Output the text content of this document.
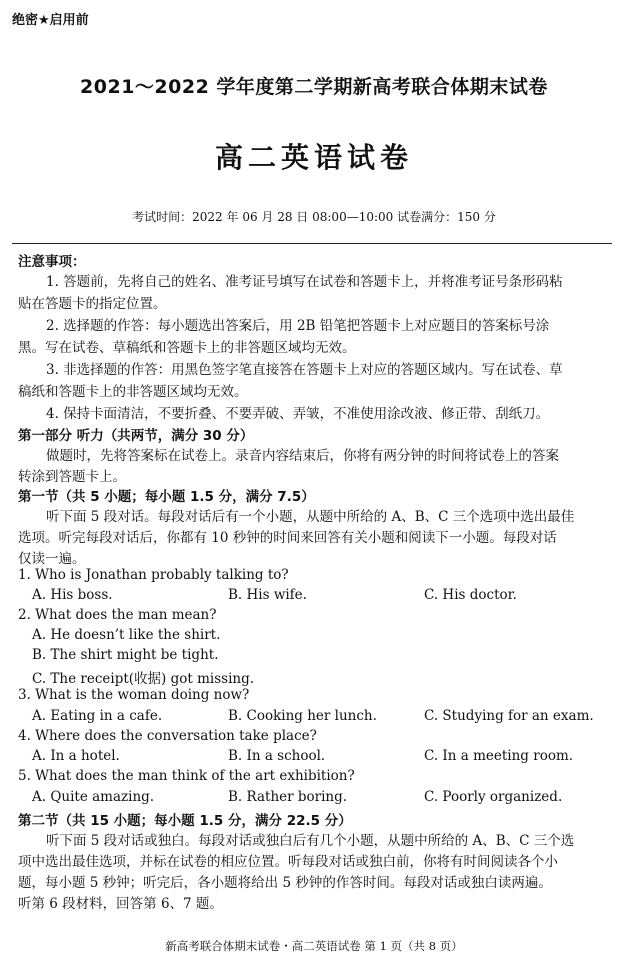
绝密★启用前
2021～2022 学年度第二学期新高考联合体期末试卷
高二英语试卷
考试时间：2022 年 06 月 28 日 08:00—10:00 试卷满分：150 分
注意事项：
1. 答题前，先将自己的姓名、准考证号填写在试卷和答题卡上，并将准考证号条形码粘
贴在答题卡的指定位置。
2. 选择题的作答：每小题选出答案后，用 2B 铅笔把答题卡上对应题目的答案标号涂
黑。写在试卷、草稿纸和答题卡上的非答题区域均无效。
3. 非选择题的作答：用黑色签字笔直接答在答题卡上对应的答题区域内。写在试卷、草
稿纸和答题卡上的非答题区域均无效。
4. 保持卡面清洁，不要折叠、不要弄破、弄皱，不准使用涂改液、修正带、刮纸刀。
第一部分 听力（共两节，满分 30 分）
做题时，先将答案标在试卷上。录音内容结束后，你将有两分钟的时间将试卷上的答案
转涂到答题卡上。
第一节（共 5 小题；每小题 1.5 分，满分 7.5）
听下面 5 段对话。每段对话后有一个小题，从题中所给的 A、B、C 三个选项中选出最佳
选项。听完每段对话后，你都有 10 秒钟的时间来回答有关小题和阅读下一小题。每段对话
仅读一遍。
1. Who is Jonathan probably talking to?
A. His boss.	B. His wife.	C. His doctor.
2. What does the man mean?
A. He doesn’t like the shirt.
B. The shirt might be tight.
C. The receipt(收据) got missing.
3. What is the woman doing now?
A. Eating in a cafe.	B. Cooking her lunch.	C. Studying for an exam.
4. Where does the conversation take place?
A. In a hotel.	B. In a school.	C. In a meeting room.
5. What does the man think of the art exhibition?
A. Quite amazing.	B. Rather boring.	C. Poorly organized.
第二节（共 15 小题；每小题 1.5 分，满分 22.5 分）
听下面 5 段对话或独白。每段对话或独白后有几个小题，从题中所给的 A、B、C 三个选
项中选出最佳选项，并标在试卷的相应位置。听每段对话或独白前，你将有时间阅读各个小
题，每小题 5 秒钟；听完后，各小题将给出 5 秒钟的作答时间。每段对话或独白读两遍。
听第 6 段材料，回答第 6、7 题。
新高考联合体期末试卷・高二英语试卷 第 1 页（共 8 页）
